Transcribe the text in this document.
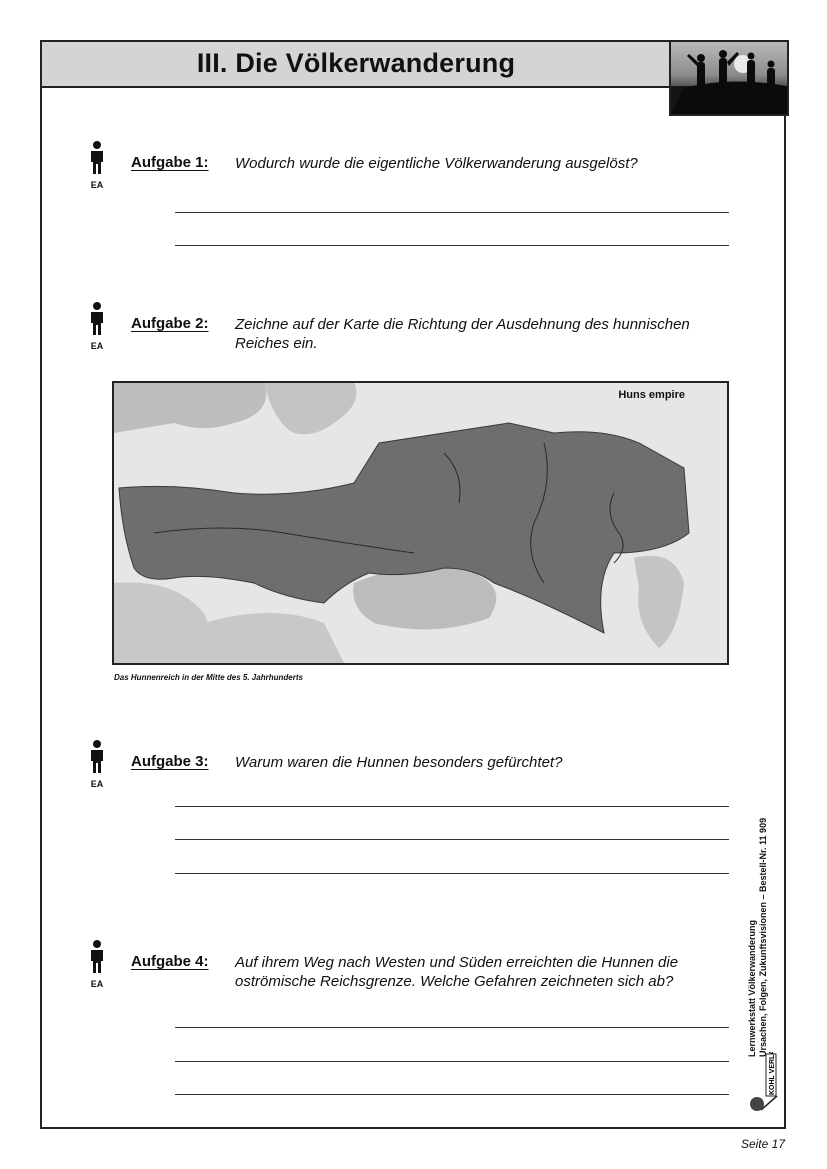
III. Die Völkerwanderung
EA
Aufgabe 1: Wodurch wurde die eigentliche Völkerwanderung ausgelöst?
EA
Aufgabe 2: Zeichne auf der Karte die Richtung der Ausdehnung des hunnischen Reiches ein.
Huns empire
Das Hunnenreich in der Mitte des 5. Jahrhunderts
EA
Aufgabe 3: Warum waren die Hunnen besonders gefürchtet?
EA
Aufgabe 4: Auf ihrem Weg nach Westen und Süden erreichten die Hunnen die oströmische Reichsgrenze. Welche Gefahren zeichneten sich ab?	Lernwerkstatt Völkerwanderung Ursachen, Folgen, Zukunftsvisionen – Bestell-Nr. 11 909
KOHL VERLAG
Seite 17
